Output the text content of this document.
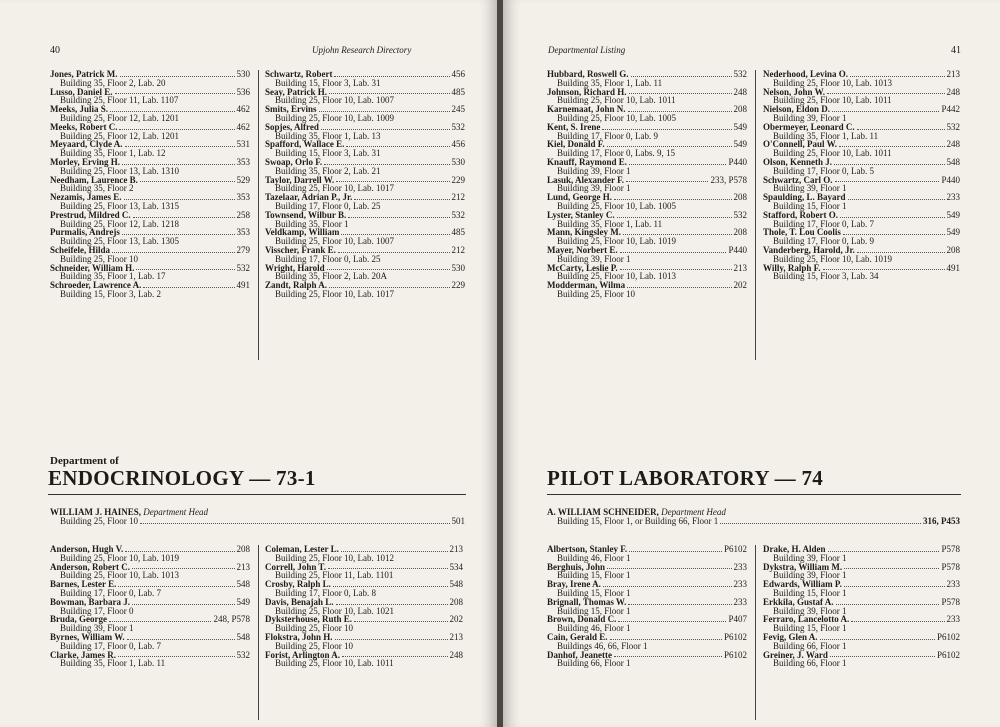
40	Upjohn Research Directory
Jones, Patrick M.	530
Building 35, Floor 2, Lab. 20
Lusso, Daniel E.	536
Building 25, Floor 11, Lab. 1107
Meeks, Julia S.	462
Building 25, Floor 12, Lab. 1201
Meeks, Robert C.	462
Building 25, Floor 12, Lab. 1201
Meyaard, Clyde A.	531
Building 35, Floor 1, Lab. 12
Morley, Erving H.	353
Building 25, Floor 13, Lab. 1310
Needham, Laurence B.	529
Building 35, Floor 2
Nezamis, James E.	353
Building 25, Floor 13, Lab. 1315
Prestrud, Mildred C.	258
Building 25, Floor 12, Lab. 1218
Purmalis, Andrejs	353
Building 25, Floor 13, Lab. 1305
Scheifele, Hilda	279
Building 25, Floor 10
Schneider, William H.	532
Building 35, Floor 1, Lab. 17
Schroeder, Lawrence A.	491
Building 15, Floor 3, Lab. 2
Schwartz, Robert	456
Building 15, Floor 3, Lab. 31
Seay, Patrick H.	485
Building 25, Floor 10, Lab. 1007
Smits, Ervins	245
Building 25, Floor 10, Lab. 1009
Sopjes, Alfred	532
Building 35, Floor 1, Lab. 13
Spafford, Wallace E.	456
Building 15, Floor 3, Lab. 31
Swoap, Orlo F.	530
Building 35, Floor 2, Lab. 21
Taylor, Darrell W.	229
Building 25, Floor 10, Lab. 1017
Tazelaar, Adrian P., Jr.	212
Building 17, Floor 0, Lab. 25
Townsend, Wilbur B.	532
Building 35, Floor 1
Veldkamp, William	485
Building 25, Floor 10, Lab. 1007
Visscher, Frank E.	212
Building 17, Floor 0, Lab. 25
Wright, Harold	530
Building 35, Floor 2, Lab. 20A
Zandt, Ralph A.	229
Building 25, Floor 10, Lab. 1017
Department of
ENDOCRINOLOGY — 73-1
WILLIAM J. HAINES, Department Head
Building 25, Floor 10	501
Anderson, Hugh V.	208
Building 25, Floor 10, Lab. 1019
Anderson, Robert C.	213
Building 25, Floor 10, Lab. 1013
Barnes, Lester E.	548
Building 17, Floor 0, Lab. 7
Bowman, Barbara J.	549
Building 17, Floor 0
Bruda, George	248, P578
Building 39, Floor 1
Byrnes, William W.	548
Building 17, Floor 0, Lab. 7
Clarke, James R.	532
Building 35, Floor 1, Lab. 11
Coleman, Lester L.	213
Building 25, Floor 10, Lab. 1012
Correll, John T.	534
Building 25, Floor 11, Lab. 1101
Crosby, Ralph L.	548
Building 17, Floor 0, Lab. 8
Davis, Benajah L.	208
Building 25, Floor 10, Lab. 1021
Dyksterhouse, Ruth E.	202
Building 25, Floor 10
Flokstra, John H.	213
Building 25, Floor 10
Forist, Arlington A.	248
Building 25, Floor 10, Lab. 1011
Departmental Listing	41
Hubbard, Roswell G.	532
Building 35, Floor 1, Lab. 11
Johnson, Richard H.	248
Building 25, Floor 10, Lab. 1011
Karnemaat, John N.	208
Building 25, Floor 10, Lab. 1005
Kent, S. Irene	549
Building 17, Floor 0, Lab. 9
Kiel, Donald F.	549
Building 17, Floor 0, Labs. 9, 15
Knauff, Raymond E.	P440
Building 39, Floor 1
Lasuk, Alexander F.	233, P578
Building 39, Floor 1
Lund, George H.	208
Building 25, Floor 10, Lab. 1005
Lyster, Stanley C.	532
Building 35, Floor 1, Lab. 11
Mann, Kingsley M.	208
Building 25, Floor 10, Lab. 1019
Mayer, Norbert E.	P440
Building 39, Floor 1
McCarty, Leslie P.	213
Building 25, Floor 10, Lab. 1013
Modderman, Wilma	202
Building 25, Floor 10
Nederhood, Levina O.	213
Building 25, Floor 10, Lab. 1013
Nelson, John W.	248
Building 25, Floor 10, Lab. 1011
Nielson, Eldon D.	P442
Building 39, Floor 1
Obermeyer, Leonard C.	532
Building 35, Floor 1, Lab. 11
O'Connell, Paul W.	248
Building 25, Floor 10, Lab. 1011
Olson, Kenneth J.	548
Building 17, Floor 0, Lab. 5
Schwartz, Carl O.	P440
Building 39, Floor 1
Spaulding, L. Bayard	233
Building 15, Floor 1
Stafford, Robert O.	549
Building 17, Floor 0, Lab. 7
Thole, T. Lou Coolis	549
Building 17, Floor 0, Lab. 9
Vanderberg, Harold, Jr.	208
Building 25, Floor 10, Lab. 1019
Willy, Ralph F.	491
Building 15, Floor 3, Lab. 34
PILOT LABORATORY — 74
A. WILLIAM SCHNEIDER, Department Head
Building 15, Floor 1, or Building 66, Floor 1	316, P453
Albertson, Stanley F.	P6102
Building 46, Floor 1
Berghuis, John	233
Building 15, Floor 1
Bray, Irene A.	233
Building 15, Floor 1
Brignall, Thomas W.	233
Building 15, Floor 1
Brown, Donald C.	P407
Building 46, Floor 1
Cain, Gerald E.	P6102
Buildings 46, 66, Floor 1
Danhof, Jeanette	P6102
Building 66, Floor 1
Drake, H. Alden	P578
Building 39, Floor 1
Dykstra, William M.	P578
Building 39, Floor 1
Edwards, William P.	233
Building 15, Floor 1
Erkkila, Gustaf A.	P578
Building 39, Floor 1
Ferraro, Lancelotto A.	233
Building 15, Floor 1
Fevig, Glen A.	P6102
Building 66, Floor 1
Greiner, J. Ward	P6102
Building 66, Floor 1
